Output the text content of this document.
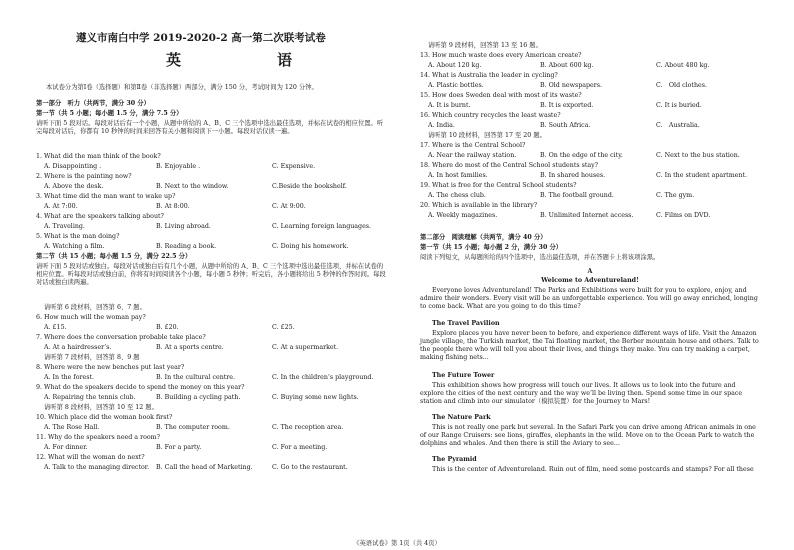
遵义市南白中学 2019-2020-2 高一第二次联考试卷
英　　语
本试卷分为第Ⅰ卷（选择题）和第Ⅱ卷（非选择题）两部分，满分 150 分，考试时间为 120 分钟。
第一部分　听力（共两节，满分 30 分）
第一节（共 5 小题；每小题 1.5 分，满分 7.5 分）
请听下面 5 段对话。每段对话后有一个小题，从题中所给的 A、B、C 三个选项中选出最佳选项，并标在试卷的相应位置。听完每段对话后，你都有 10 秒钟的时间来回答有关小题和阅读下一小题。每段对话仅读一遍。
1. What did the man think of the book?
A. Disappointing .	B. Enjoyable .	C. Expensive.
2. Where is the painting now?
A. Above the desk.	B. Next to the window.	C.Beside the bookshelf.
3. What time did the man want to wake up?
A. At 7:00.	B. At 8:00.	C. At 9:00.
4. What are the speakers talking about?
A. Traveling.	B. Living abroad.	C. Learning foreign languages.
5. What is the man doing?
A. Watching a film.	B. Reading a book.	C. Doing his homework.
第二节（共 15 小题；每小题 1.5 分，满分 22.5 分）
请听下面 5 段对话或独白。每段对话或独白后有几个小题，从题中所给的 A、B、C 三个选项中选出最佳选项，并标在试卷的相应位置。听每段对话或独白前，你将有时间阅读各个小题，每小题 5 秒钟；听完后，各小题将给出 5 秒钟的作答时间。每段对话或独白读两遍。
请听第 6 段材料，回答第 6、7 题。
6. How much will the woman pay?
A. £15.	B. £20.	C. £25.
7. Where does the conversation probable take place?
A. At a hairdresser’s.	B. At a sports centre.	C. At a supermarket.
请听第 7 段材料，回答第 8、9 题
8. Where were the new benches put last year?
A. In the forest.	B. In the cultural centre.	C. In the children’s playground.
9. What do the speakers decide to spend the money on this year?
A. Repairing the tennis club.	B. Building a cycling path.	C. Buying some new lights.
请听第 8 段材料，回答第 10 至 12 题。
10. Which place did the woman book first?
A. The Rose Hall.	B. The computer room.	C. The reception area.
11. Why do the speakers need a room?
A. For dinner.	B. For a party.	C. For a meeting.
12. What will the woman do next?
A. Talk to the managing director. B. Call the head of Marketing.	C. Go to the restaurant.
请听第 9 段材料，回答第 13 至 16 题。
13. How much waste does every American create?
A. About 120 kg.	B. About 600 kg.	C. About 480 kg.
14. What is Australia the leader in cycling?
A. Plastic bottles.	B. Old newspapers.	C.　Old clothes.
15. How does Sweden deal with most of its waste?
A. It is burnt.	B. It is exported.	C. It is buried.
16. Which country recycles the least waste?
A. India.	B. South Africa.	C.　Australia.
请听第 10 段材料，回答第 17 至 20 题。
17. Where is the Central School?
A. Near the railway station.	B. On the edge of the city.	C. Next to the bus station.
18. Where do most of the Central School students stay?
A. In host families.	B. In shared houses.	C. In the student apartment.
19. What is free for the Central School students?
A. The chess club.	B. The football ground.	C. The gym.
20. Which is available in the library?
A. Weekly magazines.	B. Unlimited Internet access.	C. Films on DVD.
第二部分　阅读理解（共两节，满分 40 分）
第一节（共 15 小题；每小题 2 分，满分 30 分）
阅读下列短文，从每题所给的四个选项中，选出最佳选项，并在答题卡上将该项涂黑。
A
Welcome to Adventureland!
Everyone loves Adventureland! The Parks and Exhibitions were built for you to explore, enjoy, and admire their wonders. Every visit will be an unforgettable experience. You will go away enriched, longing to come back. What are you going to do this time?
The Travel Pavilion
Explore places you have never been to before, and experience different ways of life. Visit the Amazon jungle village, the Turkish market, the Tai floating market, the Berber mountain house and others. Talk to the people there who will tell you about their lives, and things they make. You can try making a carpet, making fishing nets...
The Future Tower
This exhibition shows how progress will touch our lives. It allows us to look into the future and explore the cities of the next century and the way we’ll be living then. Spend some time in our space station and climb into our simulator（模拟装置）for the Journey to Mars!
The Nature Park
This is not really one park but several. In the Safari Park you can drive among African animals in one of our Range Cruisers: see lions, giraffes, elephants in the wild. Move on to the Ocean Park to watch the dolphins and whales. And then there is still the Aviary to see...
The Pyramid
This is the center of Adventureland. Ruin out of film, need some postcards and stamps? For all these
《英语试卷》第 1页（共 4页）
